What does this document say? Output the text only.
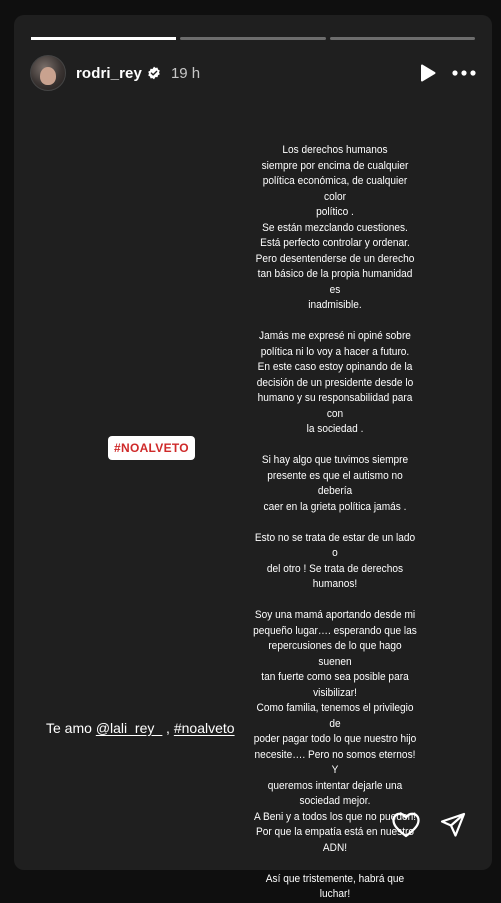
rodri_rey 19 h

Los derechos humanos
siempre por encima de cualquier
política económica, de cualquier color
político .
Se están mezclando cuestiones.
Está perfecto controlar y ordenar.
Pero desentenderse de un derecho
tan básico de la propia humanidad es
inadmisible.

Jamás me expresé ni opiné sobre
política ni lo voy a hacer a futuro.
En este caso estoy opinando de la
decisión de un presidente desde lo
humano y su responsabilidad para con
la sociedad .

Si hay algo que tuvimos siempre
presente es que el autismo no debería
caer en la grieta política jamás .

Esto no se trata de estar de un lado o
del otro ! Se trata de derechos
humanos!

Soy una mamá aportando desde mi
pequeño lugar…. esperando que las
repercusiones de lo que hago suenen
tan fuerte como sea posible para
visibilizar!
Como familia, tenemos el privilegio de
poder pagar todo lo que nuestro hijo
necesite…. Pero no somos eternos! Y
queremos intentar dejarle una
sociedad mejor.
A Beni y a todos los que no pueden!
Por que la empatía está en nuestro
ADN!

Así que tristemente, habrá que
luchar!

#NOALVETO
Te amo @lali_rey_ , #noalveto
